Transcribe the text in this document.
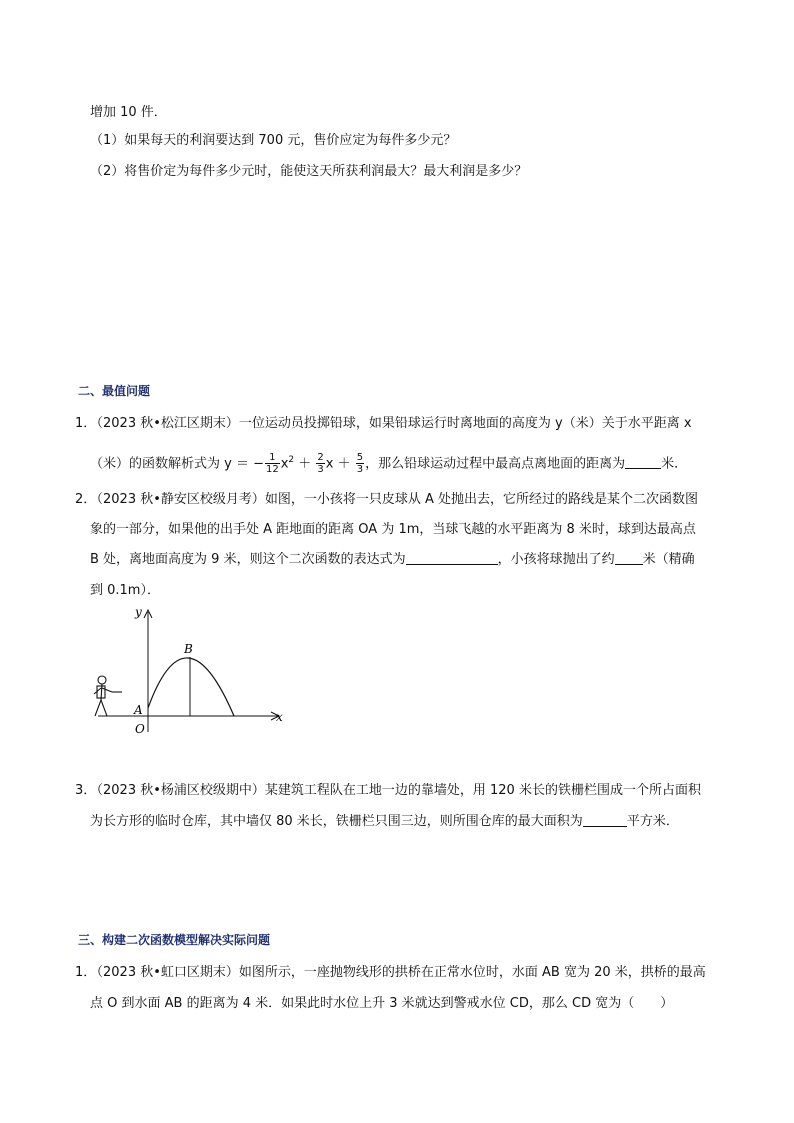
增加 10 件．
（1）如果每天的利润要达到 700 元，售价应定为每件多少元？
（2）将售价定为每件多少元时，能使这天所获利润最大？最大利润是多少？
二、最值问题
1．
（2023 秋•松江区期末）一位运动员投掷铅球，如果铅球运行时离地面的高度为 y（米）关于水平距离 x
（米）的函数解析式为 y ＝ − $\frac{1}{12} x^2 + \frac{2}{3}$ $x + \frac{5}{3}$ ，那么铅球运动过程中最高点离地面的距离为	米．
2．
（2023 秋•静安区校级月考）如图，一小孩将一只皮球从 A 处抛出去，它所经过的路线是某个二次函数图
象的一部分，如果他的出手处 A 距地面的距离 OA 为 1m，当球飞越的水平距离为 8 米时，球到达最高点
B 处，离地面高度为 9 米，则这个二次函数的表达式为	，小孩将球抛出了约 米（精确
到 0.1m）．
y
x
O
A
B
3．
（2023 秋•杨浦区校级期中）某建筑工程队在工地一边的靠墙处，用 120 米长的铁栅栏围成一个所占面积
为长方形的临时仓库，其中墙仅 80 米长，铁栅栏只围三边，则所围仓库的最大面积为	平方米．
三、构建二次函数模型解决实际问题
1．
（2023 秋•虹口区期末）如图所示，一座抛物线形的拱桥在正常水位时，水面 AB 宽为 20 米，拱桥的最高
点 O 到水面 AB 的距离为 4 米．如果此时水位上升 3 米就达到警戒水位 CD，那么 CD 宽为（　　）
